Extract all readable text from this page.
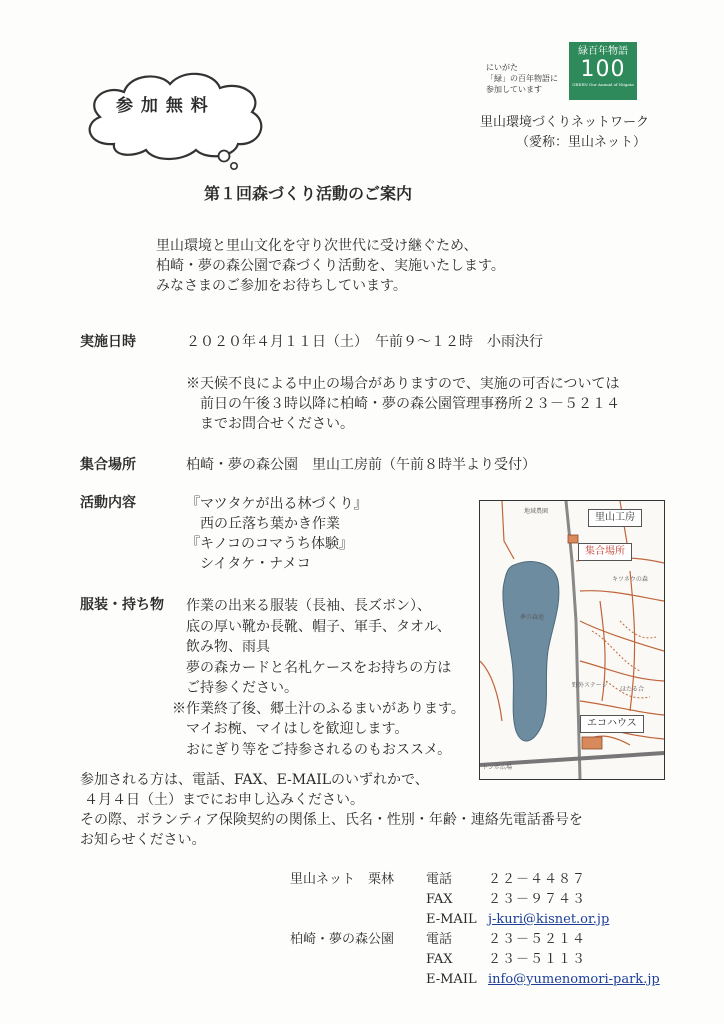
参 加 無 料
にいがた
「緑」の百年物語に
参加しています
緑百年物語
100
GREEN Our Annual of Niigata
里山環境づくりネットワーク
（愛称：里山ネット）
第１回森づくり活動のご案内
里山環境と里山文化を守り次世代に受け継ぐため、
柏崎・夢の森公園で森づくり活動を、実施いたします。
みなさまのご参加をお待ちしています。
実施日時	２０２０年４月１１日（土）　午前９〜１２時　小雨決行
※天候不良による中止の場合がありますので、実施の可否については
前日の午後３時以降に柏崎・夢の森公園管理事務所２３－５２１４
までお問合せください。
集合場所	柏崎・夢の森公園　里山工房前（午前８時半より受付）
活動内容	『マツタケが出る林づくり』
西の丘落ち葉かき作業
『キノコのコマうち体験』
シイタケ・ナメコ
服装・持ち物 作業の出来る服装（長袖、長ズボン）、
底の厚い靴か長靴、帽子、軍手、タオル、
飲み物、雨具
夢の森カードと名札ケースをお持ちの方は
ご持参ください。
※作業終了後、郷土汁のふるまいがあります。
マイお椀、マイはしを歓迎します。
おにぎり等をご持参されるのもおススメ。
地域農園
夢の森池
キツネウの森
野外ステージ
ほたる合
トンボ広場
里山工房
集合場所
エコハウス
参加される方は、電話、FAX、E-MAILのいずれかで、
４月４日（土）までにお申し込みください。
その際、ボランティア保険契約の関係上、氏名・性別・年齢・連絡先電話番号を
お知らせください。
里山ネット　栗林 電話	２２－４４８７
FAX	２３－９７４３
E-MAIL j-kuri@kisnet.or.jp
柏崎・夢の森公園 電話	２３－５２１４
FAX	２３－５１１３
E-MAIL info@yumenomori-park.jp
